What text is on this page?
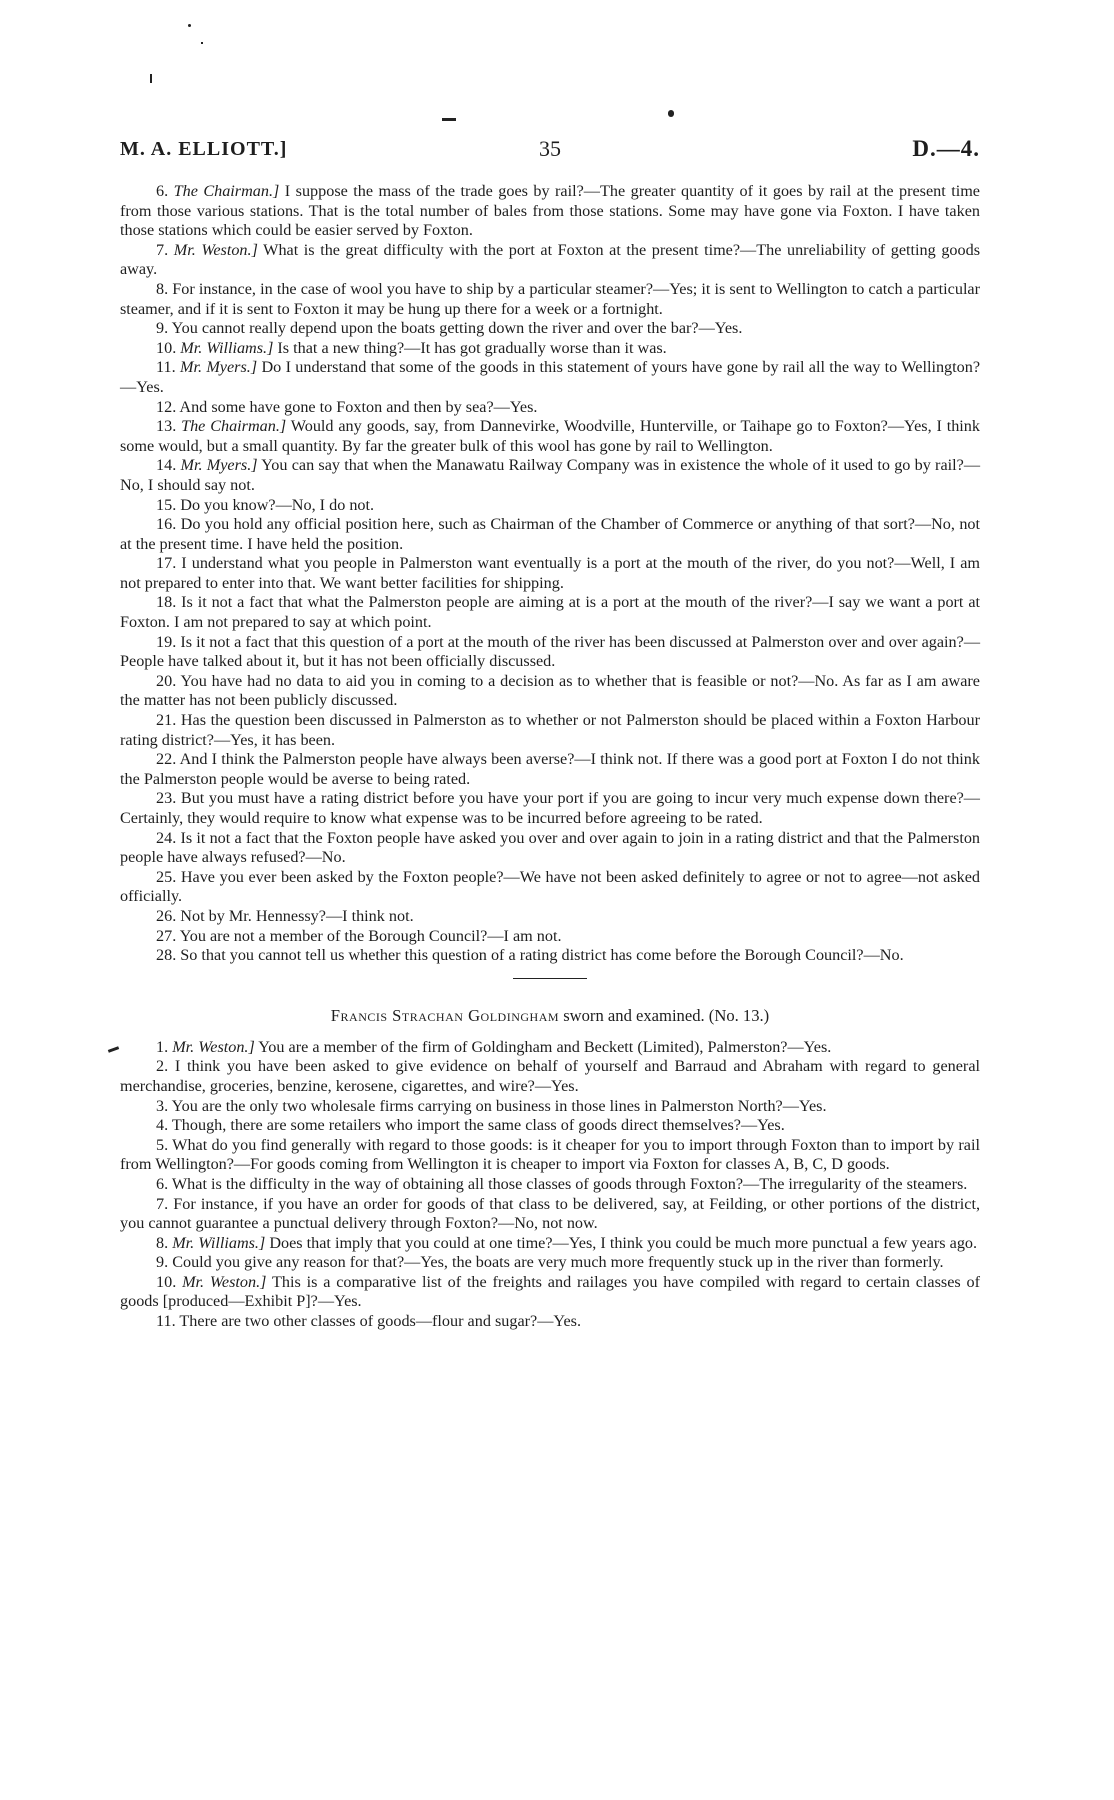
M. A. ELLIOTT.]	35	D.—4.

6. The Chairman.] I suppose the mass of the trade goes by rail?—The greater quantity of it goes by rail at the present time from those various stations. That is the total number of bales from those stations. Some may have gone via Foxton. I have taken those stations which could be easier served by Foxton.

7. Mr. Weston.] What is the great difficulty with the port at Foxton at the present time?—The unreliability of getting goods away.

8. For instance, in the case of wool you have to ship by a particular steamer?—Yes; it is sent to Wellington to catch a particular steamer, and if it is sent to Foxton it may be hung up there for a week or a fortnight.

9. You cannot really depend upon the boats getting down the river and over the bar?—Yes.

10. Mr. Williams.] Is that a new thing?—It has got gradually worse than it was.

11. Mr. Myers.] Do I understand that some of the goods in this statement of yours have gone by rail all the way to Wellington?—Yes.

12. And some have gone to Foxton and then by sea?—Yes.

13. The Chairman.] Would any goods, say, from Dannevirke, Woodville, Hunterville, or Taihape go to Foxton?—Yes, I think some would, but a small quantity. By far the greater bulk of this wool has gone by rail to Wellington.

14. Mr. Myers.] You can say that when the Manawatu Railway Company was in existence the whole of it used to go by rail?—No, I should say not.

15. Do you know?—No, I do not.

16. Do you hold any official position here, such as Chairman of the Chamber of Commerce or anything of that sort?—No, not at the present time. I have held the position.

17. I understand what you people in Palmerston want eventually is a port at the mouth of the river, do you not?—Well, I am not prepared to enter into that. We want better facilities for shipping.

18. Is it not a fact that what the Palmerston people are aiming at is a port at the mouth of the river?—I say we want a port at Foxton. I am not prepared to say at which point.

19. Is it not a fact that this question of a port at the mouth of the river has been discussed at Palmerston over and over again?—People have talked about it, but it has not been officially discussed.

20. You have had no data to aid you in coming to a decision as to whether that is feasible or not?—No. As far as I am aware the matter has not been publicly discussed.

21. Has the question been discussed in Palmerston as to whether or not Palmerston should be placed within a Foxton Harbour rating district?—Yes, it has been.

22. And I think the Palmerston people have always been averse?—I think not. If there was a good port at Foxton I do not think the Palmerston people would be averse to being rated.

23. But you must have a rating district before you have your port if you are going to incur very much expense down there?—Certainly, they would require to know what expense was to be incurred before agreeing to be rated.

24. Is it not a fact that the Foxton people have asked you over and over again to join in a rating district and that the Palmerston people have always refused?—No.

25. Have you ever been asked by the Foxton people?—We have not been asked definitely to agree or not to agree—not asked officially.

26. Not by Mr. Hennessy?—I think not.

27. You are not a member of the Borough Council?—I am not.

28. So that you cannot tell us whether this question of a rating district has come before the Borough Council?—No.

Francis Strachan Goldingham sworn and examined. (No. 13.)

1. Mr. Weston.] You are a member of the firm of Goldingham and Beckett (Limited), Palmerston?—Yes.

2. I think you have been asked to give evidence on behalf of yourself and Barraud and Abraham with regard to general merchandise, groceries, benzine, kerosene, cigarettes, and wire?—Yes.

3. You are the only two wholesale firms carrying on business in those lines in Palmerston North?—Yes.

4. Though, there are some retailers who import the same class of goods direct themselves?—Yes.

5. What do you find generally with regard to those goods: is it cheaper for you to import through Foxton than to import by rail from Wellington?—For goods coming from Wellington it is cheaper to import via Foxton for classes A, B, C, D goods.

6. What is the difficulty in the way of obtaining all those classes of goods through Foxton?—The irregularity of the steamers.

7. For instance, if you have an order for goods of that class to be delivered, say, at Feilding, or other portions of the district, you cannot guarantee a punctual delivery through Foxton?—No, not now.

8. Mr. Williams.] Does that imply that you could at one time?—Yes, I think you could be much more punctual a few years ago.

9. Could you give any reason for that?—Yes, the boats are very much more frequently stuck up in the river than formerly.

10. Mr. Weston.] This is a comparative list of the freights and railages you have compiled with regard to certain classes of goods [produced—Exhibit P]?—Yes.

11. There are two other classes of goods—flour and sugar?—Yes.
